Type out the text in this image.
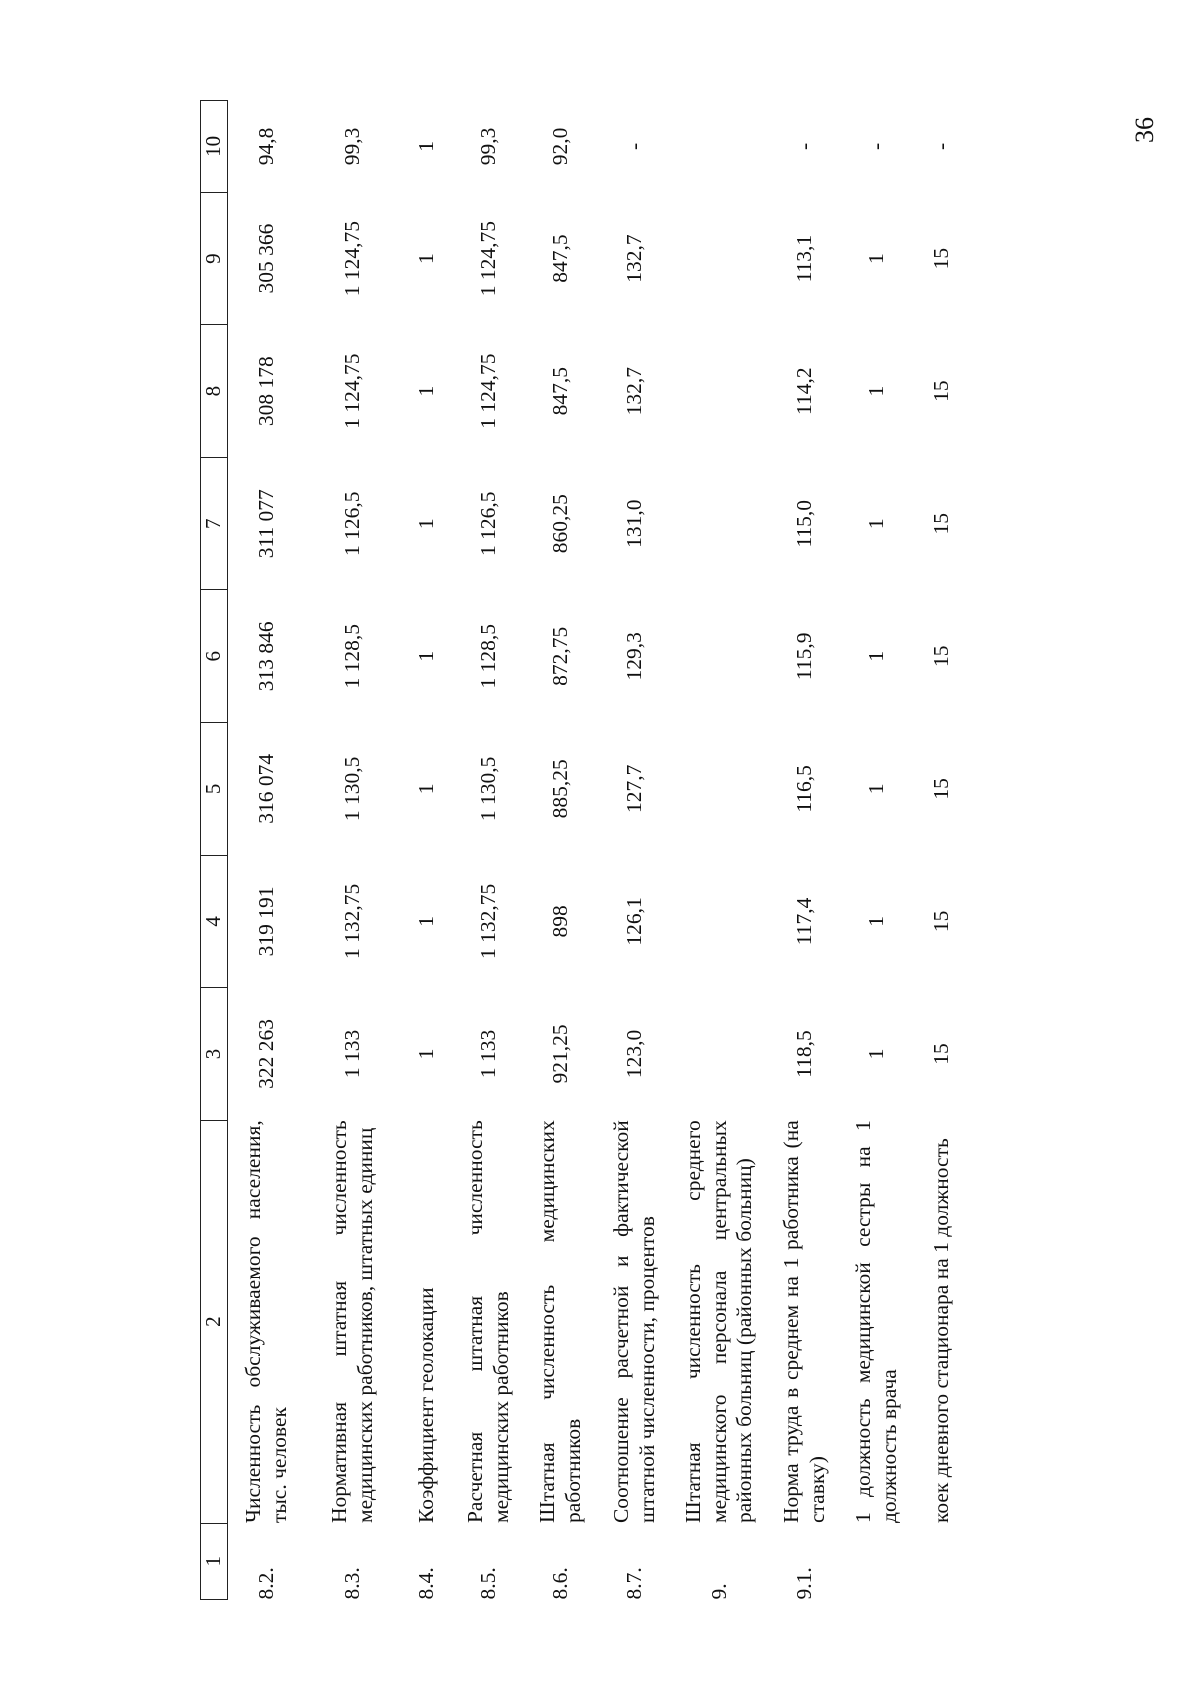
36
1	2	3	4	5	6	7	8	9	10
8.2.	Численность обслуживаемого населения, тыс. человек	322 263	319 191	316 074	313 846	311 077	308 178	305 366	94,8
8.3.	Нормативная штатная численность медицинских работников, штатных единиц	1 133	1 132,75	1 130,5	1 128,5	1 126,5	1 124,75	1 124,75	99,3
8.4.	Коэффициент геолокации	1	1	1	1	1	1	1	1
8.5.	Расчетная штатная численность медицинских работников	1 133	1 132,75	1 130,5	1 128,5	1 126,5	1 124,75	1 124,75	99,3
8.6.	Штатная численность медицинских работников	921,25	898	885,25	872,75	860,25	847,5	847,5	92,0
8.7.	Соотношение расчетной и фактической штатной численности, процентов	123,0	126,1	127,7	129,3	131,0	132,7	132,7	-
9.	Штатная численность среднего медицинского персонала центральных районных больниц (районных больниц)								
9.1.	Норма труда в среднем на 1 работника (на ставку)	118,5	117,4	116,5	115,9	115,0	114,2	113,1	-
	1 должность медицинской сестры на 1 должность врача	1	1	1	1	1	1	1	-
	коек дневного стационара на 1 должность	15	15	15	15	15	15	15	-
